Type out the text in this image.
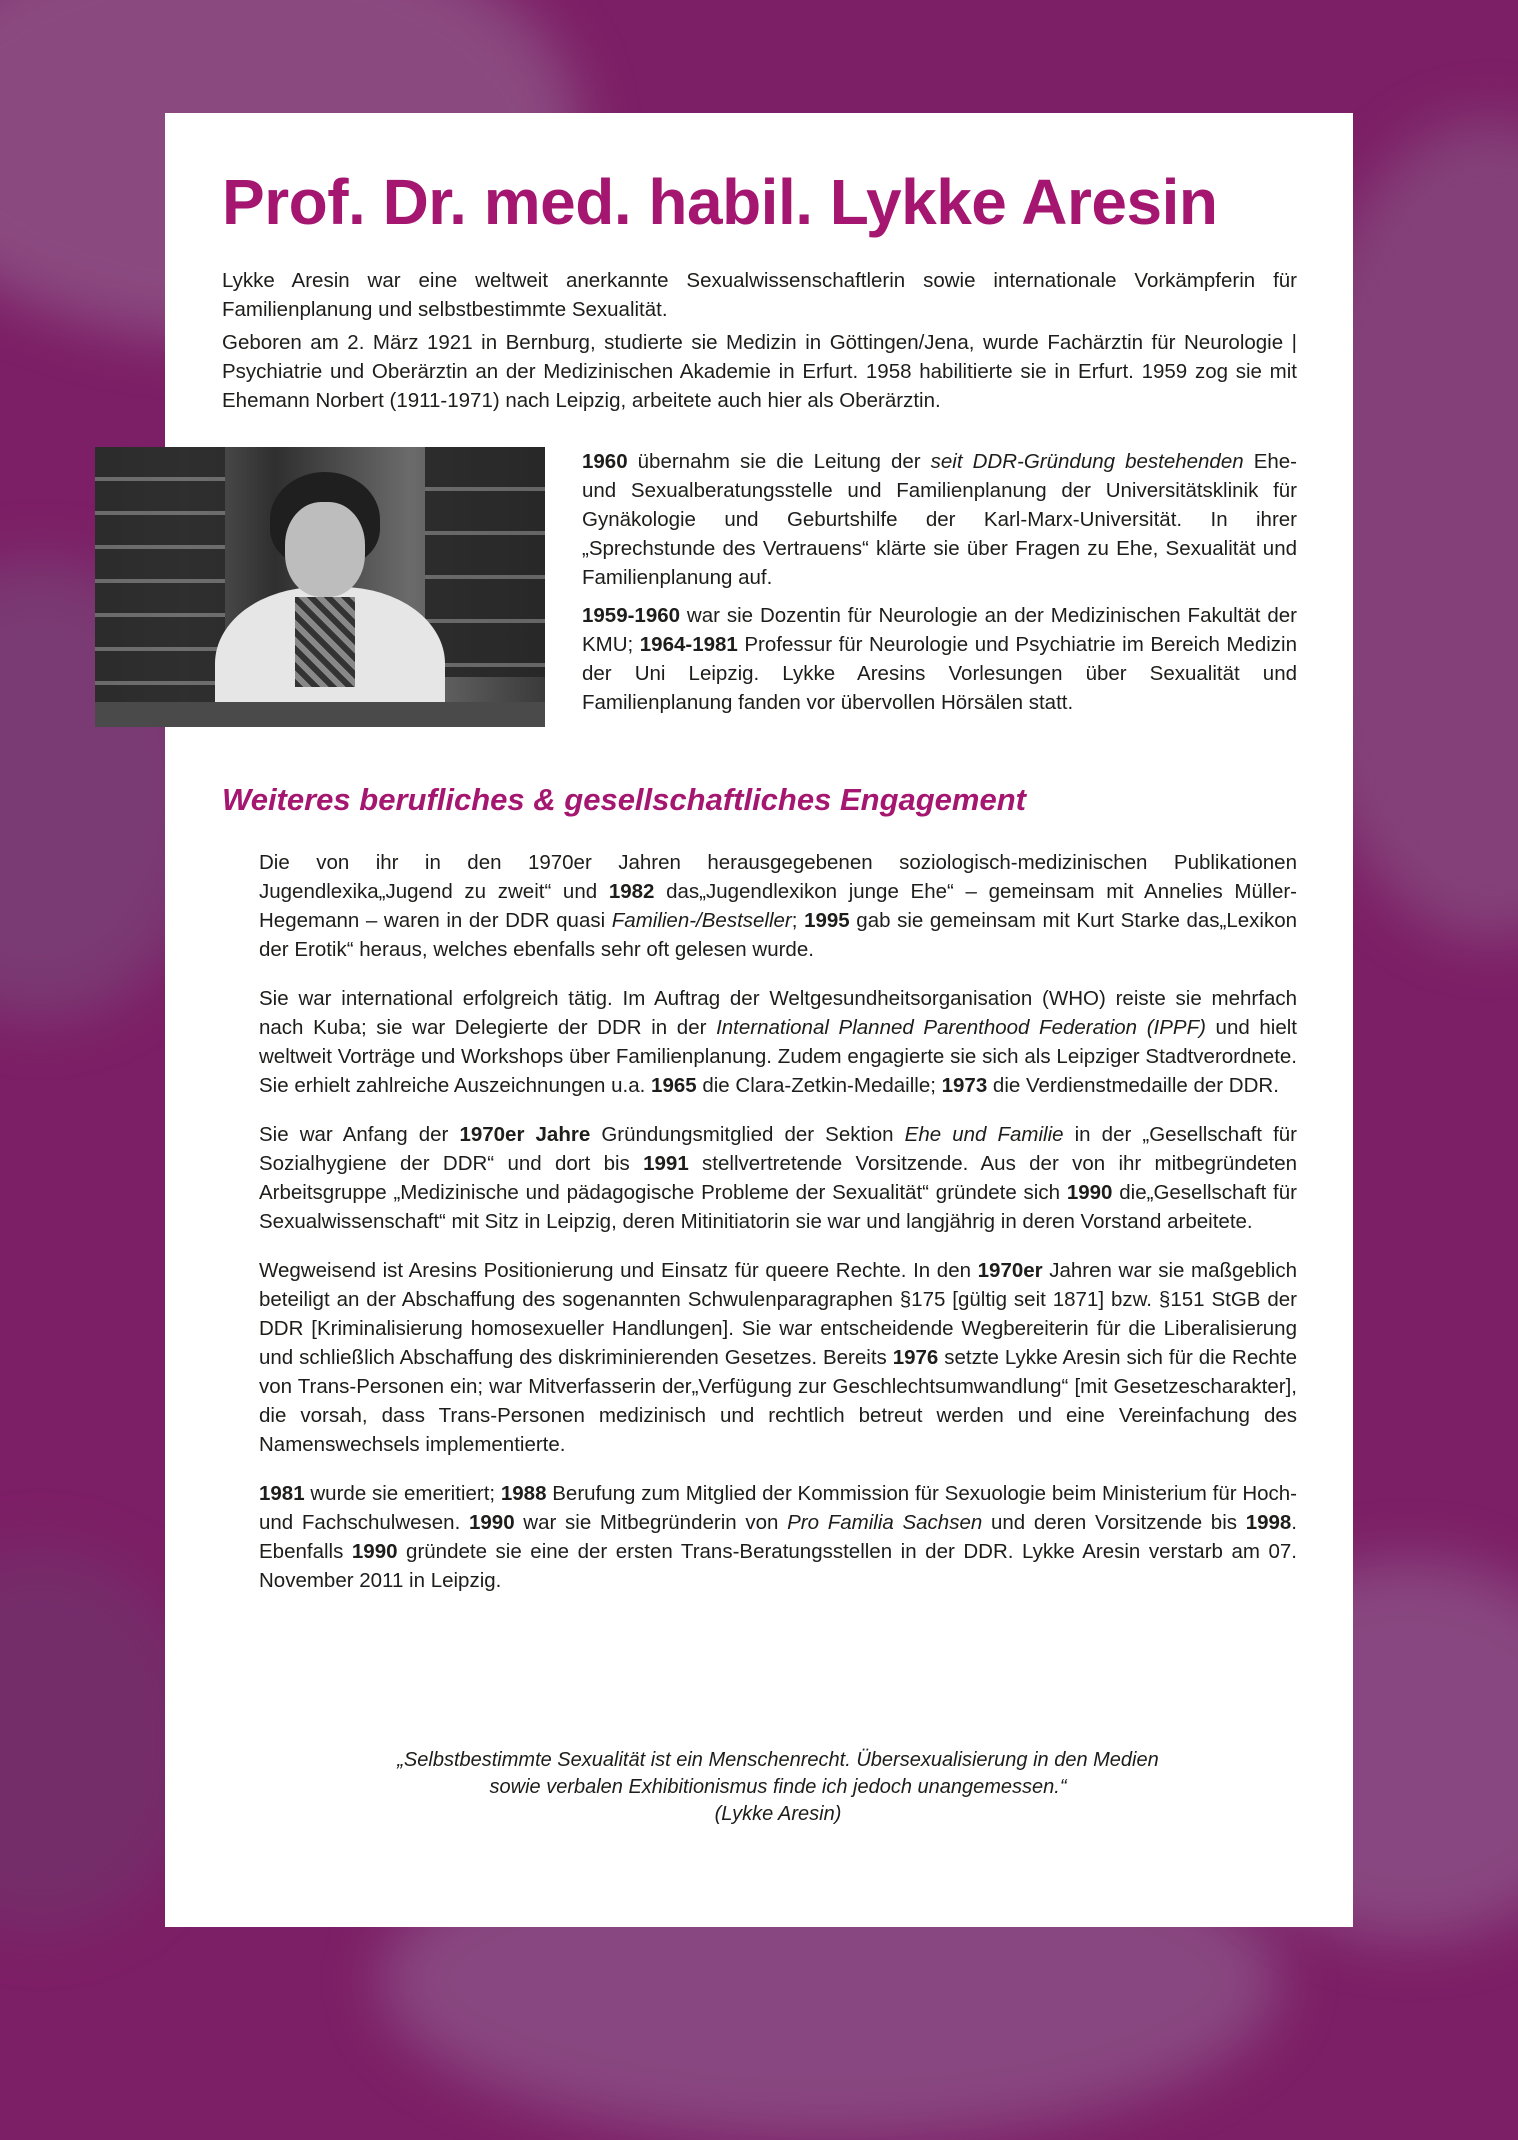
Prof. Dr. med. habil. Lykke Aresin

Lykke Aresin war eine weltweit anerkannte Sexualwissenschaftlerin sowie internationale Vorkämpferin für Familienplanung und selbstbestimmte Sexualität.

Geboren am 2. März 1921 in Bernburg, studierte sie Medizin in Göttingen/Jena, wurde Fachärztin für Neurologie | Psychiatrie und Oberärztin an der Medizinischen Akademie in Erfurt. 1958 habilitierte sie in Erfurt. 1959 zog sie mit Ehemann Norbert (1911-1971) nach Leipzig, arbeitete auch hier als Oberärztin.

1960 übernahm sie die Leitung der seit DDR-Gründung bestehenden Ehe- und Sexualberatungsstelle und Familienplanung der Universitätsklinik für Gynäkologie und Geburtshilfe der Karl-Marx-Universität. In ihrer „Sprechstunde des Vertrauens“ klärte sie über Fragen zu Ehe, Sexualität und Familienplanung auf.

1959-1960 war sie Dozentin für Neurologie an der Medizinischen Fakultät der KMU; 1964-1981 Professur für Neurologie und Psychiatrie im Bereich Medizin der Uni Leipzig. Lykke Aresins Vorlesungen über Sexualität und Familienplanung fanden vor übervollen Hörsälen statt.

Weiteres berufliches & gesellschaftliches Engagement

Die von ihr in den 1970er Jahren herausgegebenen soziologisch-medizinischen Publikationen Jugendlexika„Jugend zu zweit“ und 1982 das„Jugendlexikon junge Ehe“ – gemeinsam mit Annelies Müller-Hegemann – waren in der DDR quasi Familien-/Bestseller; 1995 gab sie gemeinsam mit Kurt Starke das„Lexikon der Erotik“ heraus, welches ebenfalls sehr oft gelesen wurde.

Sie war international erfolgreich tätig. Im Auftrag der Weltgesundheitsorganisation (WHO) reiste sie mehrfach nach Kuba; sie war Delegierte der DDR in der International Planned Parenthood Federation (IPPF) und hielt weltweit Vorträge und Workshops über Familienplanung. Zudem engagierte sie sich als Leipziger Stadtverordnete. Sie erhielt zahlreiche Auszeichnungen u.a. 1965 die Clara-Zetkin-Medaille; 1973 die Verdienstmedaille der DDR.

Sie war Anfang der 1970er Jahre Gründungsmitglied der Sektion Ehe und Familie in der „Gesellschaft für Sozialhygiene der DDR“ und dort bis 1991 stellvertretende Vorsitzende. Aus der von ihr mitbegründeten Arbeitsgruppe „Medizinische und pädagogische Probleme der Sexualität“ gründete sich 1990 die„Gesellschaft für Sexualwissenschaft“ mit Sitz in Leipzig, deren Mitinitiatorin sie war und langjährig in deren Vorstand arbeitete.

Wegweisend ist Aresins Positionierung und Einsatz für queere Rechte. In den 1970er Jahren war sie maßgeblich beteiligt an der Abschaffung des sogenannten Schwulenparagraphen §175 [gültig seit 1871] bzw. §151 StGB der DDR [Kriminalisierung homosexueller Handlungen]. Sie war entscheidende Wegbereiterin für die Liberalisierung und schließlich Abschaffung des diskriminierenden Gesetzes. Bereits 1976 setzte Lykke Aresin sich für die Rechte von Trans-Personen ein; war Mitverfasserin der„Verfügung zur Geschlechtsumwandlung“ [mit Gesetzescharakter], die vorsah, dass Trans-Personen medizinisch und rechtlich betreut werden und eine Vereinfachung des Namenswechsels implementierte.

1981 wurde sie emeritiert; 1988 Berufung zum Mitglied der Kommission für Sexuologie beim Ministerium für Hoch- und Fachschulwesen. 1990 war sie Mitbegründerin von Pro Familia Sachsen und deren Vorsitzende bis 1998. Ebenfalls 1990 gründete sie eine der ersten Trans-Beratungsstellen in der DDR. Lykke Aresin verstarb am 07. November 2011 in Leipzig.

„Selbstbestimmte Sexualität ist ein Menschenrecht. Übersexualisierung in den Medien
sowie verbalen Exhibitionismus finde ich jedoch unangemessen.“
(Lykke Aresin)
